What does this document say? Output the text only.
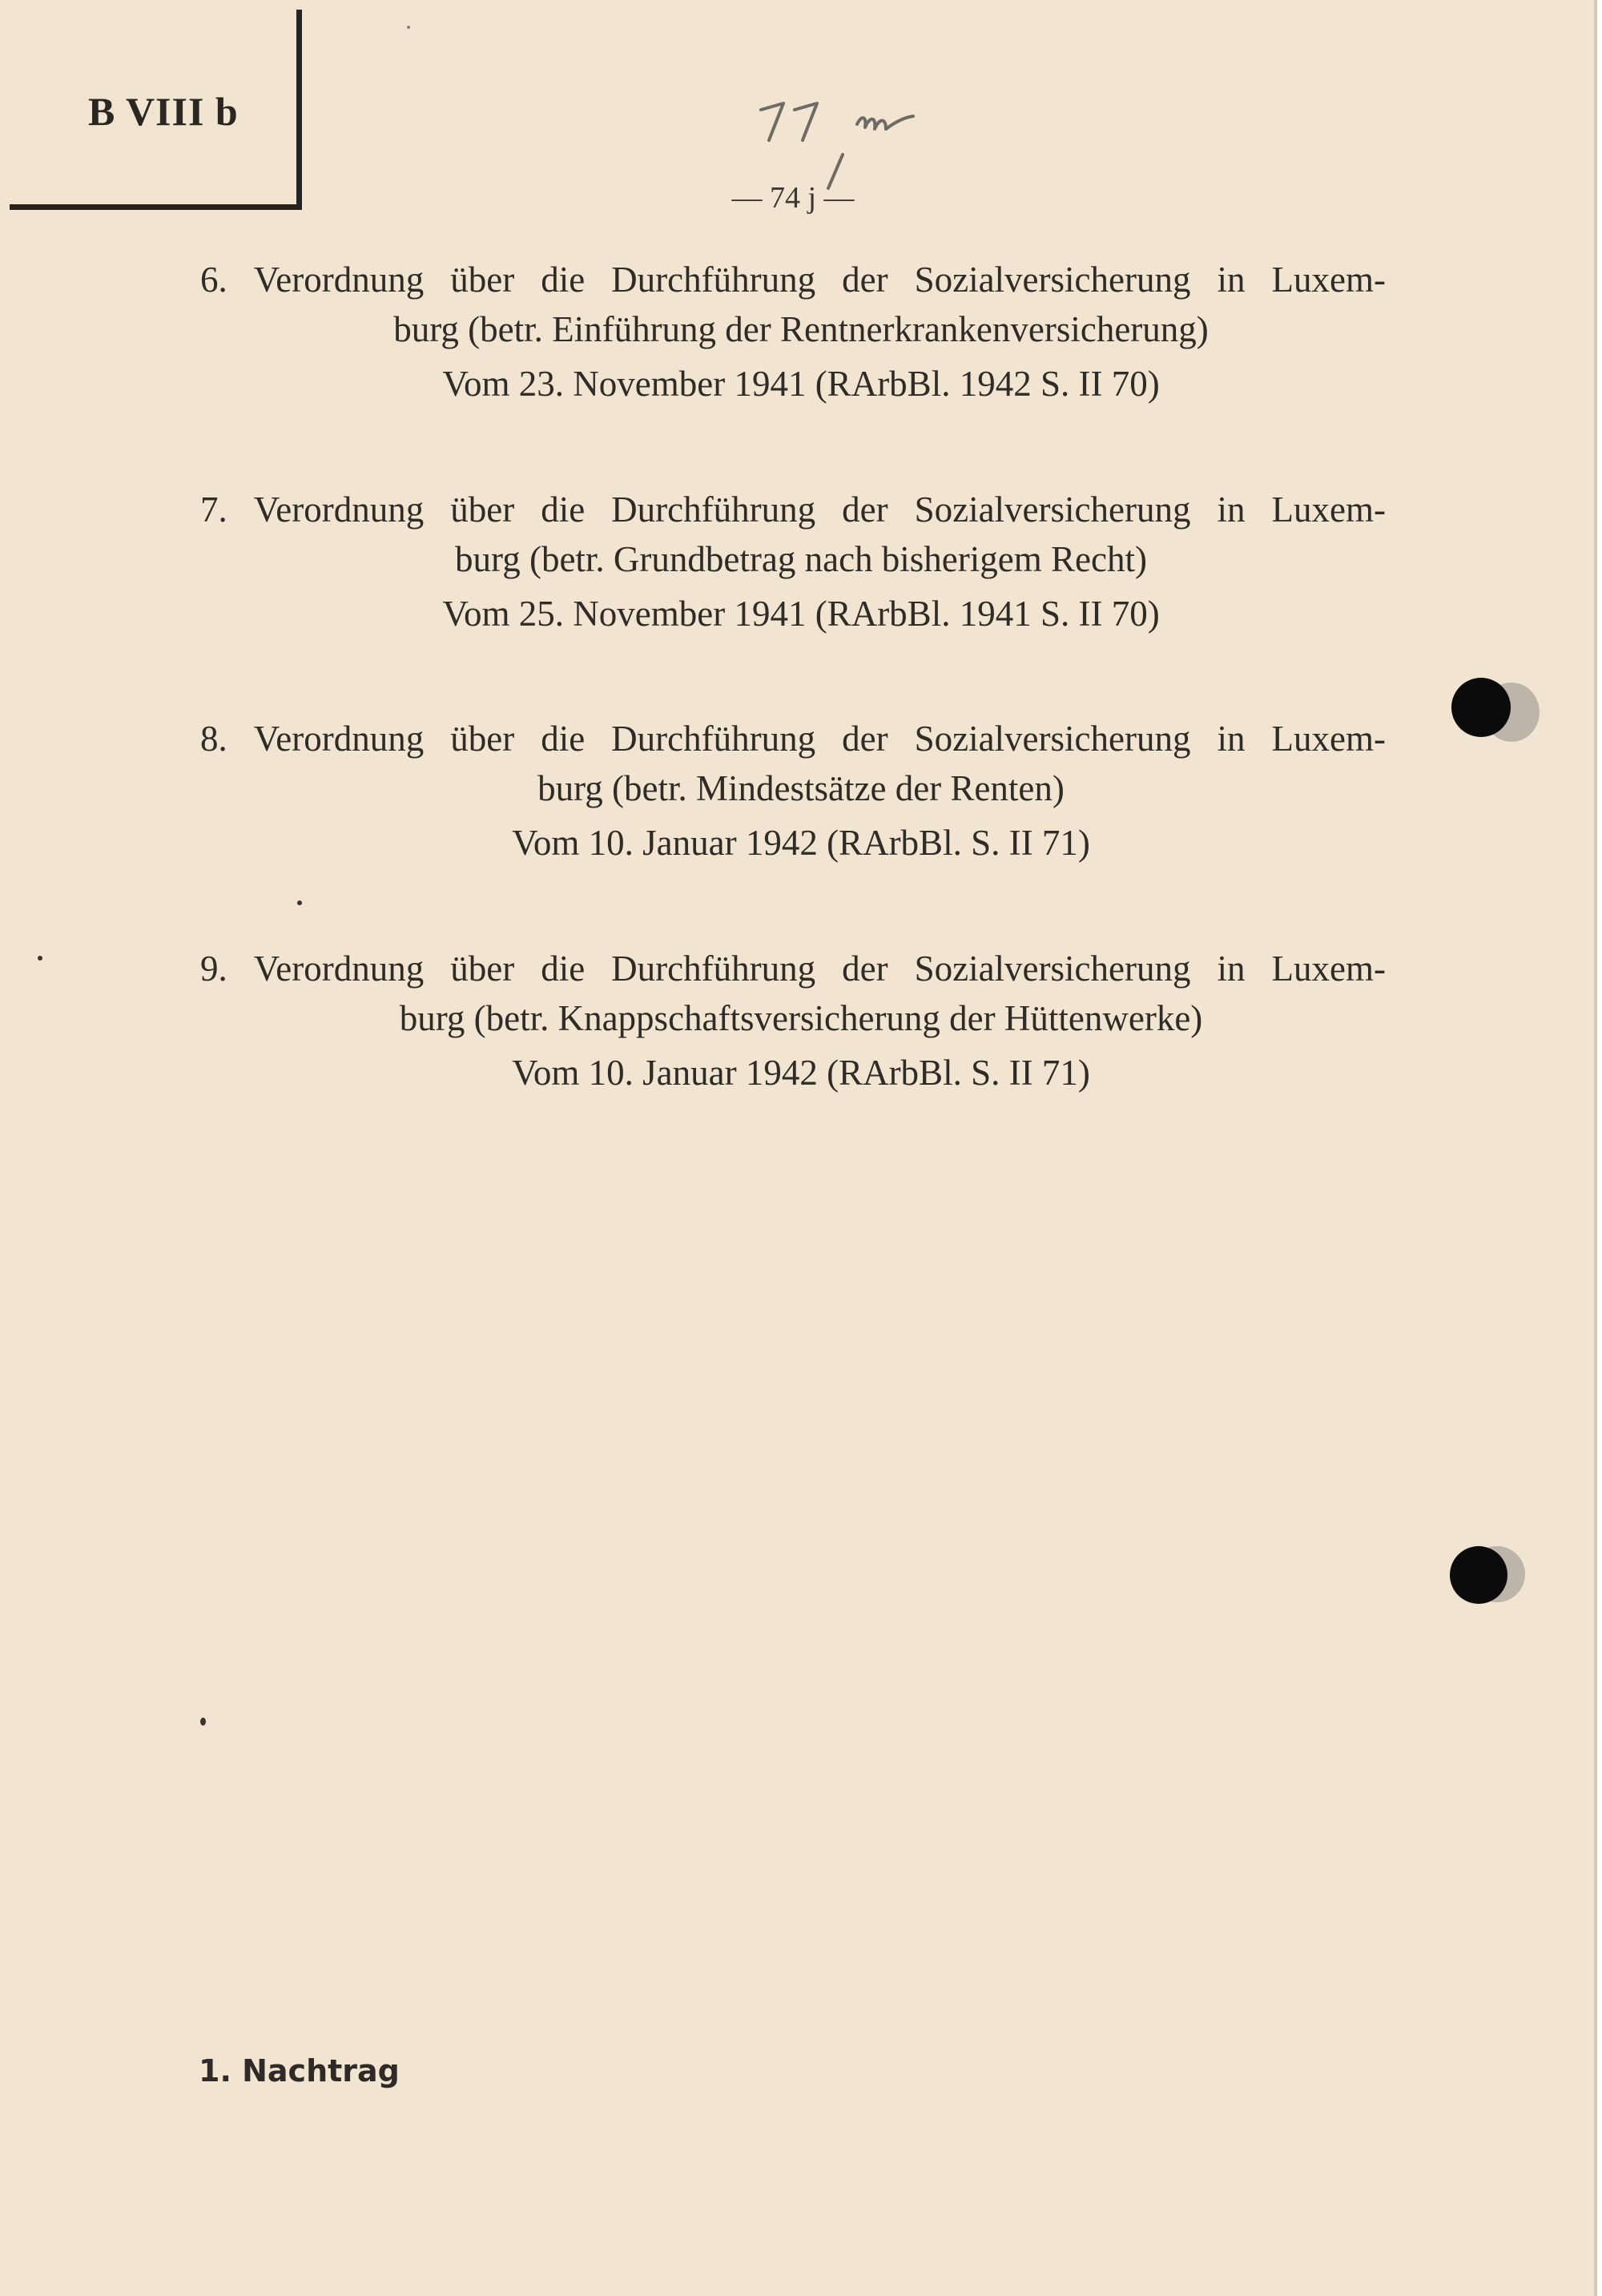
B VIII b
— 74 j —
6. Verordnung über die Durchführung der Sozialversicherung in Luxem-
burg (betr. Einführung der Rentnerkrankenversicherung)
Vom 23. November 1941 (RArbBl. 1942 S. II 70)
7. Verordnung über die Durchführung der Sozialversicherung in Luxem-
burg (betr. Grundbetrag nach bisherigem Recht)
Vom 25. November 1941 (RArbBl. 1941 S. II 70)
8. Verordnung über die Durchführung der Sozialversicherung in Luxem-
burg (betr. Mindestsätze der Renten)
Vom 10. Januar 1942 (RArbBl. S. II 71)
9. Verordnung über die Durchführung der Sozialversicherung in Luxem-
burg (betr. Knappschaftsversicherung der Hüttenwerke)
Vom 10. Januar 1942 (RArbBl. S. II 71)
1. Nachtrag
